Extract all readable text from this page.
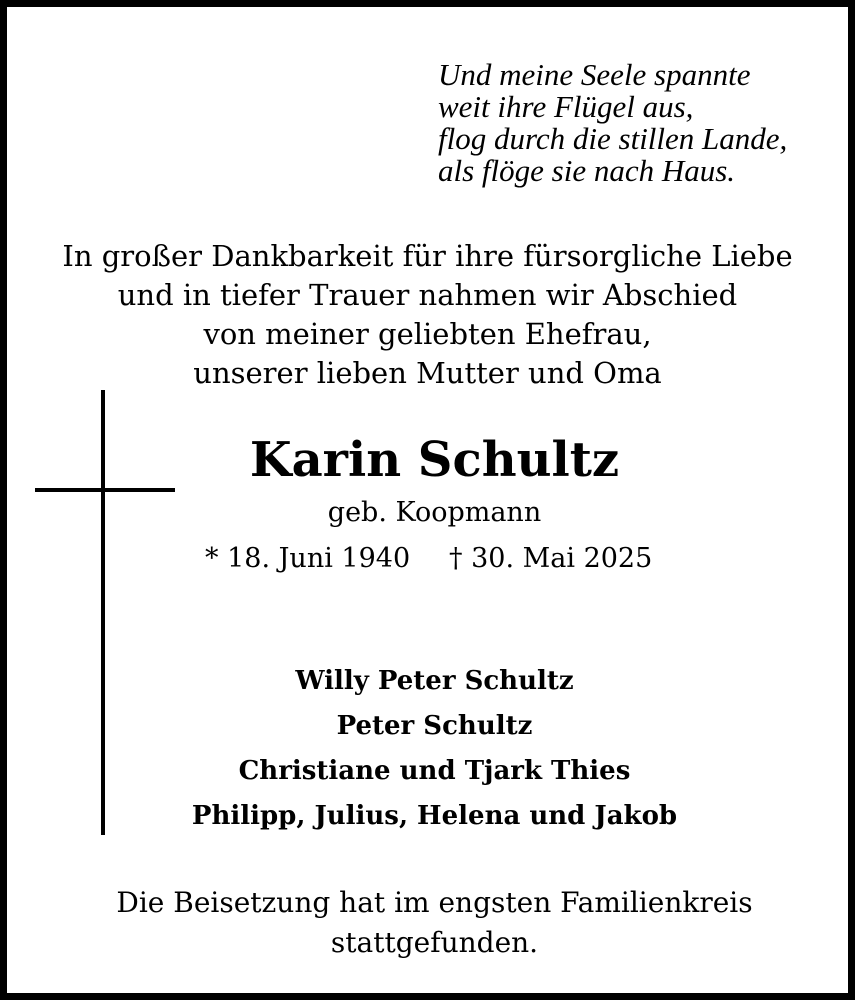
Und meine Seele spannte
weit ihre Flügel aus,
flog durch die stillen Lande,
als flöge sie nach Haus.
In großer Dankbarkeit für ihre fürsorgliche Liebe
und in tiefer Trauer nahmen wir Abschied
von meiner geliebten Ehefrau,
unserer lieben Mutter und Oma
Karin Schultz
geb. Koopmann
* 18. Juni 1940 † 30. Mai 2025
Willy Peter Schultz
Peter Schultz
Christiane und Tjark Thies
Philipp, Julius, Helena und Jakob
Die Beisetzung hat im engsten Familienkreis
stattgefunden.
